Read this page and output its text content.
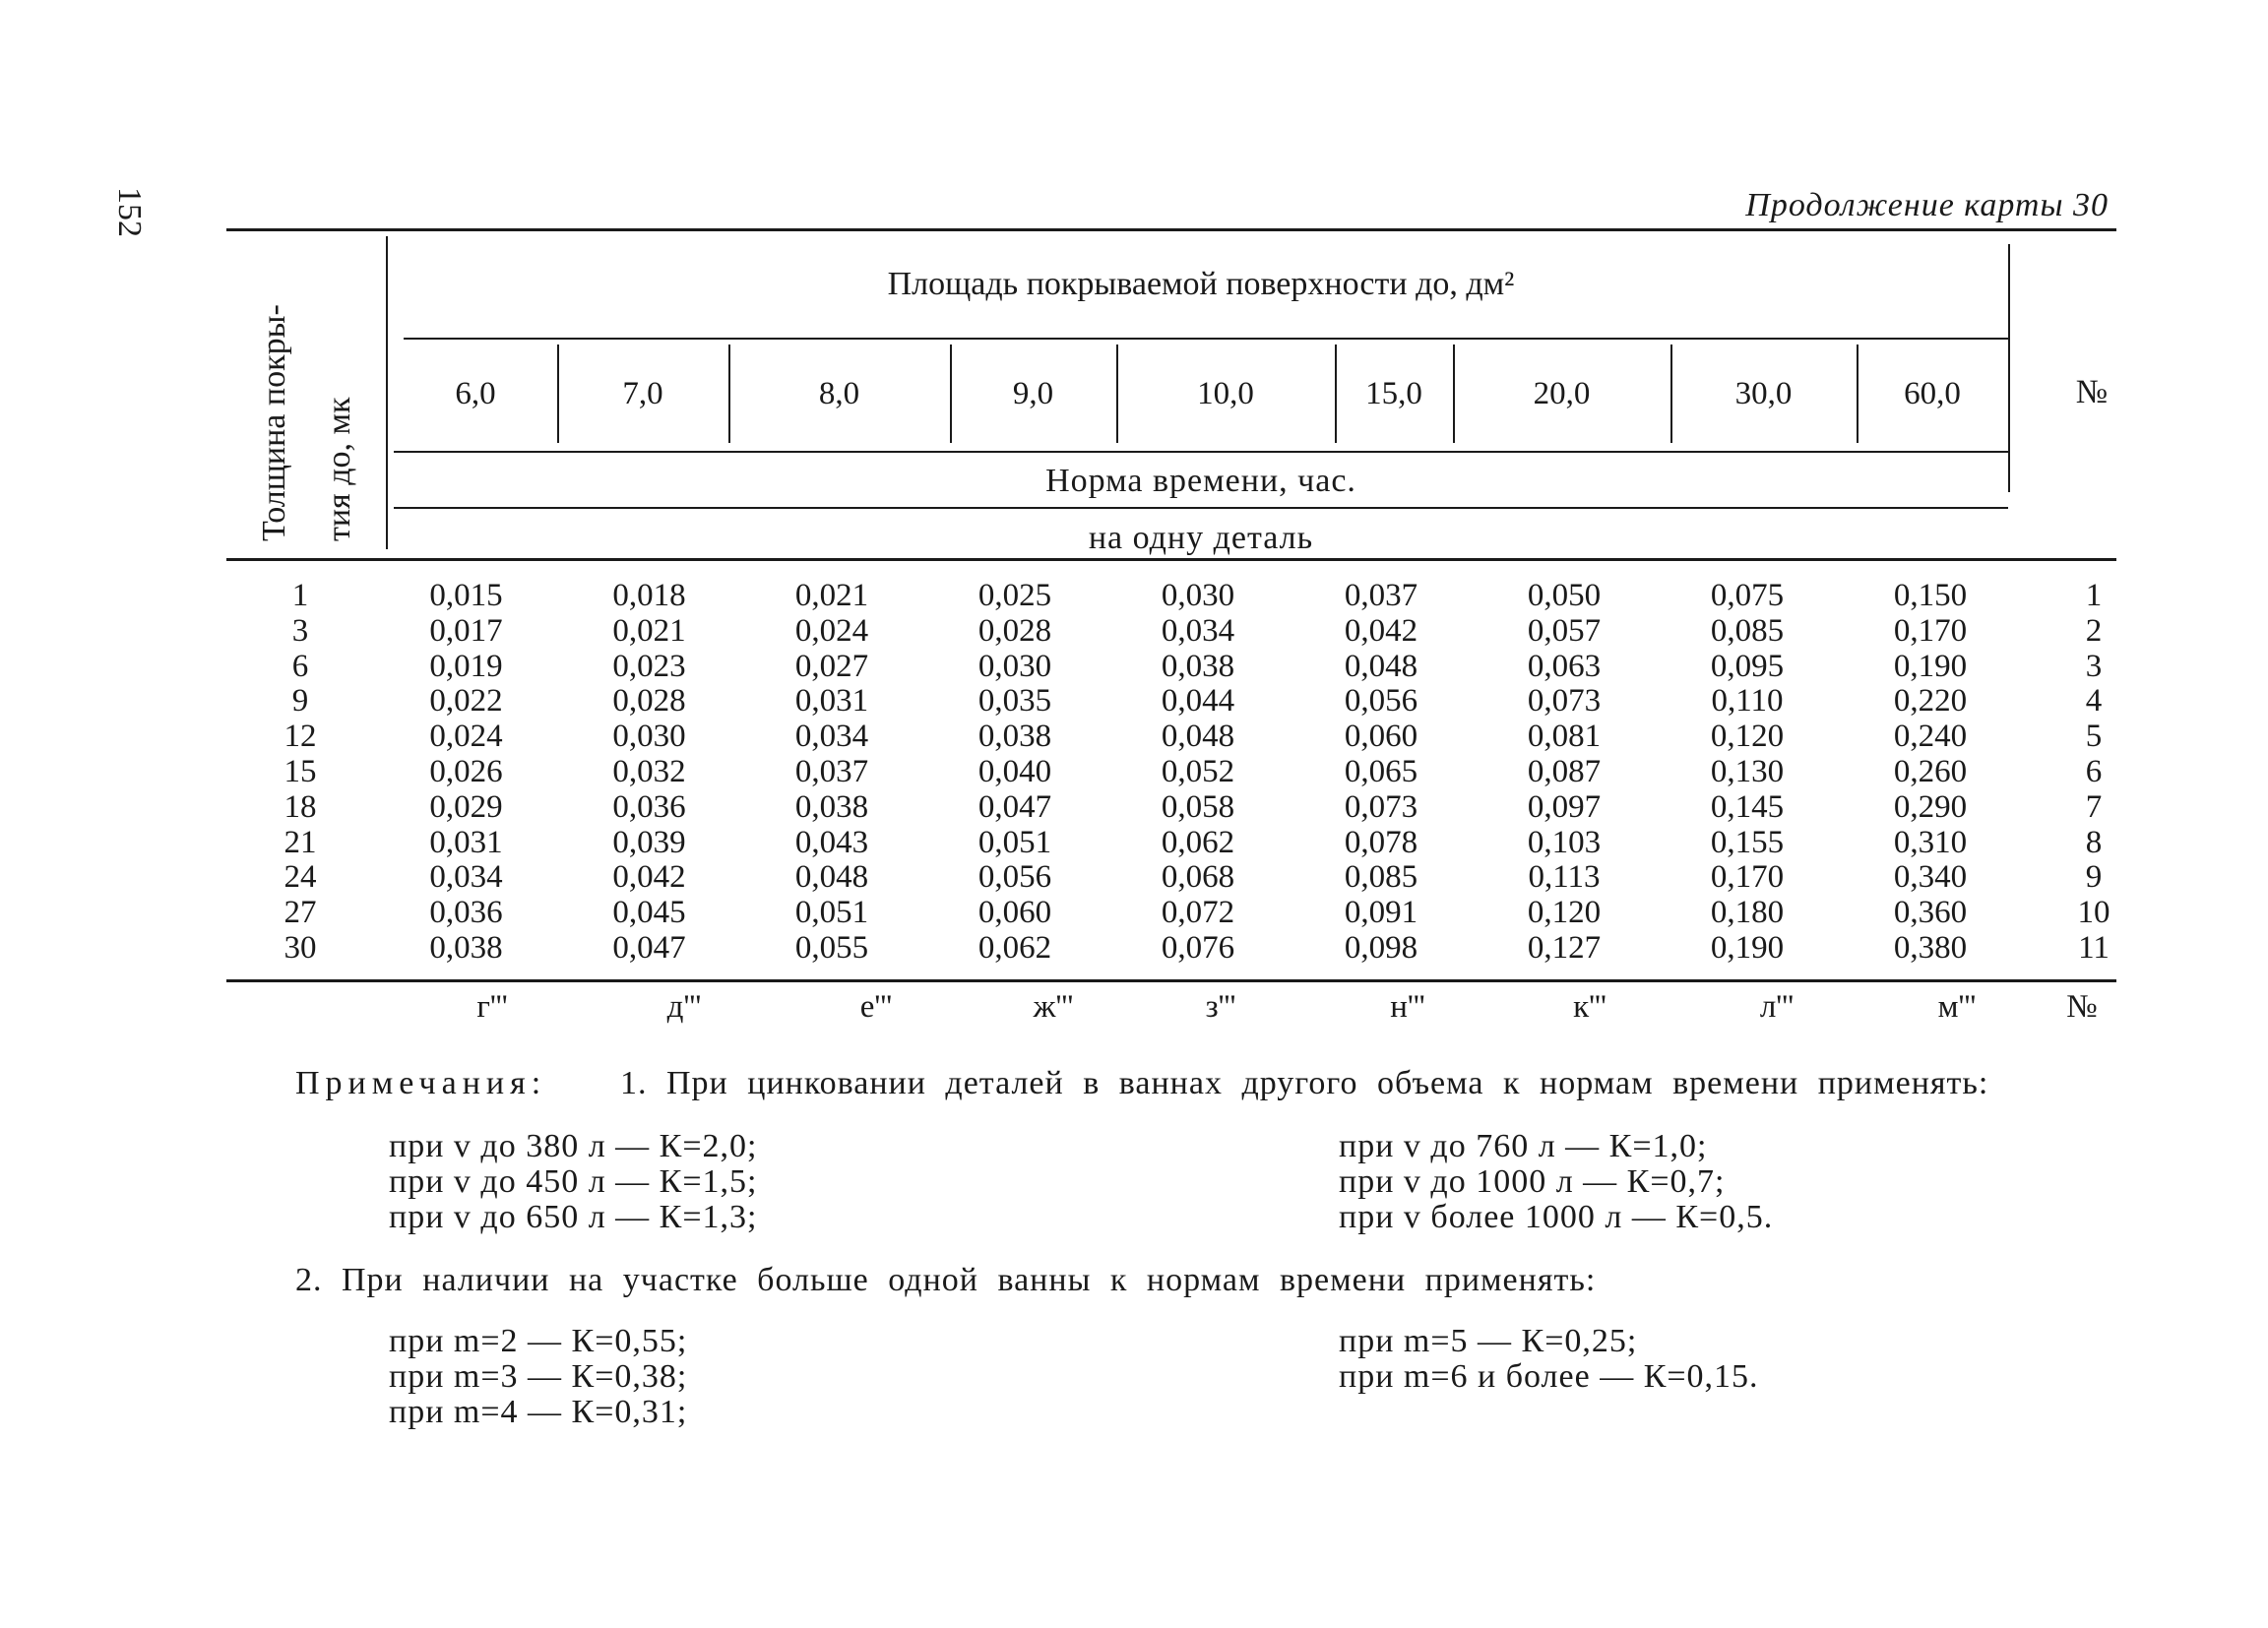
152	Продолжение карты 30
Толщина покры- тия до, мк
Площадь покрываемой поверхности до, дм²
Норма времени, час.
на одну деталь
№
6,0	7,0	8,0	9,0	10,0	15,0	20,0	30,0	60,0
1	0,015	0,018	0,021	0,025	0,030	0,037	0,050	0,075	0,150	1
3	0,017	0,021	0,024	0,028	0,034	0,042	0,057	0,085	0,170	2
6	0,019	0,023	0,027	0,030	0,038	0,048	0,063	0,095	0,190	3
9	0,022	0,028	0,031	0,035	0,044	0,056	0,073	0,110	0,220	4
12	0,024	0,030	0,034	0,038	0,048	0,060	0,081	0,120	0,240	5
15	0,026	0,032	0,037	0,040	0,052	0,065	0,087	0,130	0,260	6
18	0,029	0,036	0,038	0,047	0,058	0,073	0,097	0,145	0,290	7
21	0,031	0,039	0,043	0,051	0,062	0,078	0,103	0,155	0,310	8
24	0,034	0,042	0,048	0,056	0,068	0,085	0,113	0,170	0,340	9
27	0,036	0,045	0,051	0,060	0,072	0,091	0,120	0,180	0,360	10
30	0,038	0,047	0,055	0,062	0,076	0,098	0,127	0,190	0,380	11
г'''	д'''	е'''	ж'''	з'''	н'''	к'''	л'''	м'''	№
Примечания: 1. При цинковании деталей в ваннах другого объема к нормам времени применять:
при v до 380 л — К=2,0;
при v до 450 л — К=1,5;
при v до 650 л — К=1,3;
при v до 760 л — К=1,0;
при v до 1000 л — К=0,7;
при v более 1000 л — К=0,5.
2. При наличии на участке больше одной ванны к нормам времени применять:
при m=2 — К=0,55;
при m=3 — К=0,38;
при m=4 — К=0,31;
при m=5 — К=0,25;
при m=6 и более — К=0,15.
